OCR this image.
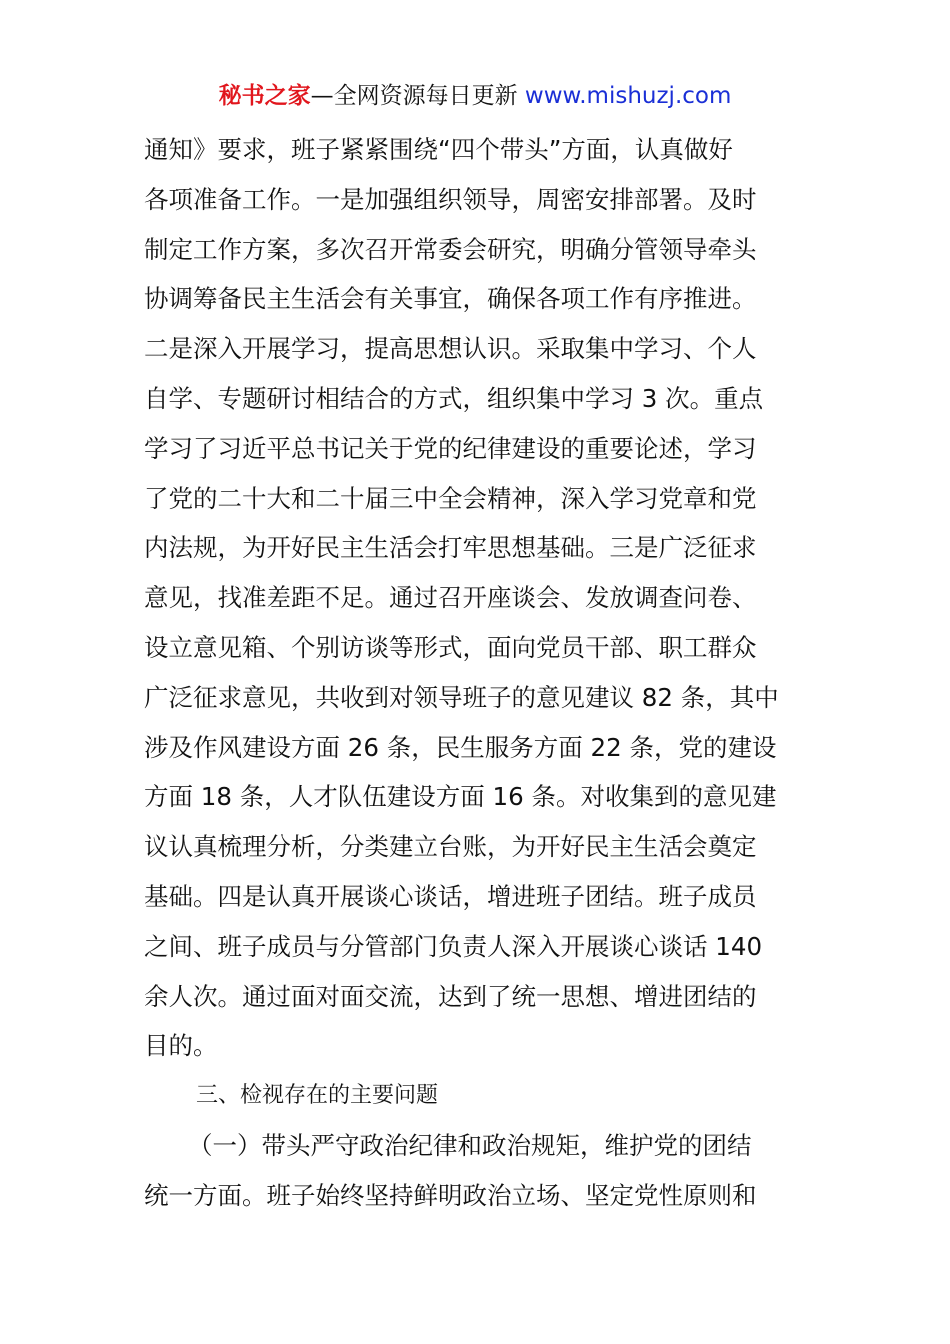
秘书之家—全网资源每日更新 www.mishuzj.com
通知》要求，班子紧紧围绕“四个带头”方面，认真做好
各项准备工作。一是加强组织领导，周密安排部署。及时
制定工作方案，多次召开常委会研究，明确分管领导牵头
协调筹备民主生活会有关事宜，确保各项工作有序推进。
二是深入开展学习，提高思想认识。采取集中学习、个人
自学、专题研讨相结合的方式，组织集中学习 3 次。重点
学习了习近平总书记关于党的纪律建设的重要论述，学习
了党的二十大和二十届三中全会精神，深入学习党章和党
内法规，为开好民主生活会打牢思想基础。三是广泛征求
意见，找准差距不足。通过召开座谈会、发放调查问卷、
设立意见箱、个别访谈等形式，面向党员干部、职工群众
广泛征求意见，共收到对领导班子的意见建议 82 条，其中
涉及作风建设方面 26 条，民生服务方面 22 条，党的建设
方面 18 条，人才队伍建设方面 16 条。对收集到的意见建
议认真梳理分析，分类建立台账，为开好民主生活会奠定
基础。四是认真开展谈心谈话，增进班子团结。班子成员
之间、班子成员与分管部门负责人深入开展谈心谈话 140
余人次。通过面对面交流，达到了统一思想、增进团结的
目的。
三、检视存在的主要问题
（一）带头严守政治纪律和政治规矩，维护党的团结
统一方面。班子始终坚持鲜明政治立场、坚定党性原则和
